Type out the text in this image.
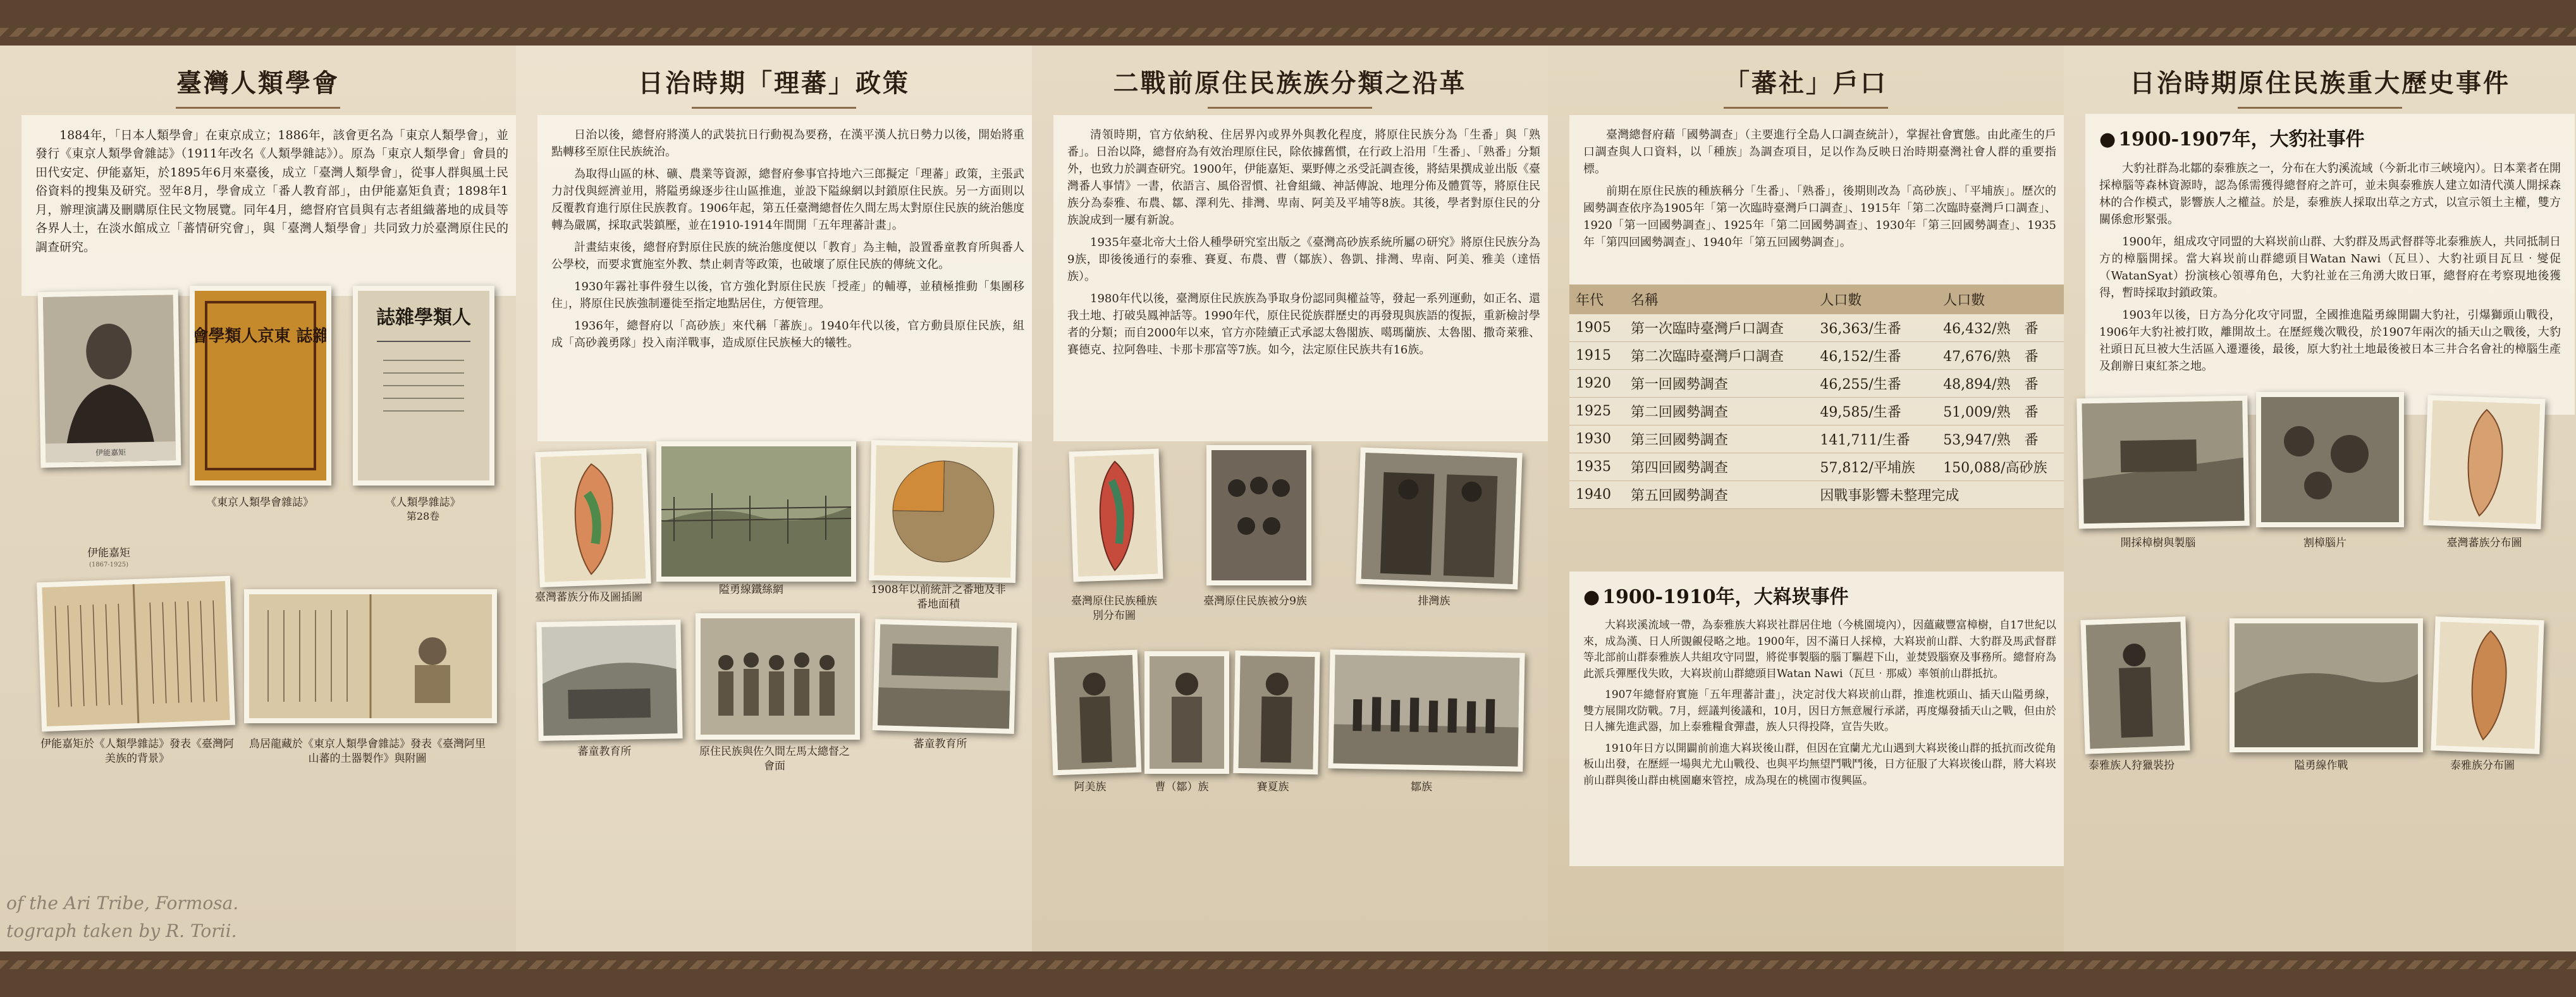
臺灣人類學會

1884年，「日本人類學會」在東京成立；1886年，該會更名為「東京人類學會」，並發行《東京人類學會雜誌》（1911年改名《人類學雜誌》）。原為「東京人類學會」會員的田代安定、伊能嘉矩，於1895年6月來臺後，成立「臺灣人類學會」，從事人群與風土民俗資料的搜集及研究。翌年8月，學會成立「番人教育部」，由伊能嘉矩負責；1898年1月，辦理演講及刪購原住民文物展覽。同年4月，總督府官員與有志者組織蕃地的成員等各界人士，在淡水館成立「蕃情研究會」，與「臺灣人類學會」共同致力於臺灣原住民的調查研究。

伊能嘉矩
會學類人京東 誌雜
誌雜學類人
伊能嘉矩
(1867-1925)
《東京人類學會雜誌》	《人類學雜誌》
第28卷
伊能嘉矩於《人類學雜誌》發表《臺灣阿美族的背景》
鳥居龍藏於《東京人類學會雜誌》發表《臺灣阿里山蕃的土器製作》與附圖
of the Ari Tribe, Formosa.
tograph taken by R. Torii.
日治時期「理蕃」政策

日治以後，總督府將漢人的武裝抗日行動視為要務，在漢平漢人抗日勢力以後，開始將重點轉移至原住民族統治。

為取得山區的林、礦、農業等資源，總督府參事官持地六三郎擬定「理蕃」政策，主張武力討伐與經濟並用，將隘勇線逐步往山區推進，並設下隘線網以封鎖原住民族。另一方面則以反覆教育進行原住民族教育。1906年起，第五任臺灣總督佐久間左馬太對原住民族的統治態度轉為嚴厲，採取武裝鎮壓，並在1910-1914年間開「五年理蕃計畫」。

計畫結束後，總督府對原住民族的統治態度便以「教育」為主軸，設置番童教育所與番人公學校，而要求實施室外教、禁止刺青等政策，也破壞了原住民族的傳統文化。

1930年霧社事件發生以後，官方強化對原住民族「授產」的輔導，並積極推動「集團移住」，將原住民族強制遷徙至指定地點居住，方便管理。

1936年，總督府以「高砂族」來代稱「蕃族」。1940年代以後，官方動員原住民族，組成「高砂義勇隊」投入南洋戰事，造成原住民族極大的犧牲。

臺灣蕃族分佈及圖插圖
隘勇線鐵絲網	1908年以前統計之番地及非番地面積
蕃童教育所	原住民族與佐久間左馬太總督之會面
蕃童教育所
二戰前原住民族族分類之沿革

清領時期，官方依納稅、住居界內或界外與教化程度，將原住民族分為「生番」與「熟番」。日治以降，總督府為有效治理原住民，除依據舊慣，在行政上沿用「生番」、「熟番」分類外，也致力於調查研究。1900年，伊能嘉矩、粟野傳之丞受託調查後，將結果撰成並出版《臺灣番人事情》一書，依語言、風俗習慣、社會組織、神話傳說、地理分佈及體質等，將原住民族分為泰雅、布農、鄒、澤利先、排灣、卑南、阿美及平埔等8族。其後，學者對原住民的分族說成到一屢有新說。

1935年臺北帝大土俗人種學研究室出版之《臺灣高砂族系統所屬の研究》將原住民族分為9族，即後後通行的泰雅、賽夏、布農、曹（鄒族）、魯凱、排灣、卑南、阿美、雅美（達悟族）。

1980年代以後，臺灣原住民族族為爭取身份認同與權益等，發起一系列運動，如正名、還我土地、打破吳鳳神話等。1990年代，原住民從族群歷史的再發現與族語的復振，重新檢討學者的分類；而自2000年以來，官方亦陸續正式承認太魯閣族、噶瑪蘭族、太魯閣、撒奇萊雅、賽德克、拉阿魯哇、卡那卡那富等7族。如今，法定原住民族共有16族。

臺灣原住民族種族別分布圖
臺灣原住民族被分9族	排灣族
阿美族	曹（鄒）族	賽夏族	鄒族
「蕃社」戶口

臺灣總督府藉「國勢調查」（主要進行全島人口調查統計），掌握社會實態。由此產生的戶口調查與人口資料，以「種族」為調查項目，足以作為反映日治時期臺灣社會人群的重要指標。

前期在原住民族的種族稱分「生番」、「熟番」，後期則改為「高砂族」、「平埔族」。歷次的國勢調查依序為1905年「第一次臨時臺灣戶口調查」、1915年「第二次臨時臺灣戶口調查」、1920「第一回國勢調查」、1925年「第二回國勢調查」、1930年「第三回國勢調查」、1935年「第四回國勢調查」、1940年「第五回國勢調查」。

年代	名稱	人口數	人口數
1905	第一次臨時臺灣戶口調查	36,363/生番	46,432/熟　番
1915	第二次臨時臺灣戶口調查	46,152/生番	47,676/熟　番
1920	第一回國勢調查	46,255/生番	48,894/熟　番
1925	第二回國勢調查	49,585/生番	51,009/熟　番
1930	第三回國勢調查	141,711/生番	53,947/熟　番
1935	第四回國勢調查	57,812/平埔族	150,088/高砂族
1940	第五回國勢調查	因戰事影響未整理完成	
● 1900-1910年，大嵙崁事件

大嵙崁溪流域一帶，為泰雅族大嵙崁社群居住地（今桃園境內），因蘊藏豐富樟樹，自17世紀以來，成為漢、日人所覬覦侵略之地。1900年，因不滿日人採樟，大嵙崁前山群、大豹群及馬武督群等北部前山群泰雅族人共組攻守同盟，將從事製腦的腦丁驅趕下山，並焚毀腦寮及事務所。總督府為此派兵彈壓伐失敗，大嵙崁前山群總頭目Watan Nawi（瓦旦‧那威）率領前山群抵抗。

1907年總督府實施「五年理蕃計畫」，決定討伐大嵙崁前山群，推進枕頭山、插天山隘勇線，雙方展開攻防戰。7月，經議判後議和，10月，因日方無意履行承諾，再度爆發插天山之戰，但由於日人擁先進武器，加上泰雅糧食彈盡，族人只得投降，宣告失敗。

1910年日方以開闢前前進大嵙崁後山群，但因在宜蘭尤尤山遇到大嵙崁後山群的抵抗而改從角板山出發，在歷經一場與尤尤山戰役、也與平均無望鬥戰鬥後，日方征服了大嵙崁後山群，將大嵙崁前山群與後山群由桃園廳來管控，成為現在的桃園市復興區。

日治時期原住民族重大歷史事件
● 1900-1907年，大豹社事件

大豹社群為北鄒的泰雅族之一，分布在大豹溪流域（今新北市三峽境內）。日本業者在開採樟腦等森林資源時，認為係需獲得總督府之許可，並未與泰雅族人建立如清代漢人開採森林的合作模式，影響族人之權益。於是，泰雅族人採取出草之方式，以宣示領土主權，雙方關係愈形緊張。

1900年，組成攻守同盟的大嵙崁前山群、大豹群及馬武督群等北泰雅族人，共同抵制日方的樟腦開採。當大嵙崁前山群總頭目Watan Nawi（瓦旦）、大豹社頭目瓦旦‧燮促（WatanSyat）扮演核心領導角色，大豹社並在三角湧大敗日軍，總督府在考察現地後獲得，暫時採取封鎖政策。

1903年以後，日方為分化攻守同盟，全國推進隘勇線開闢大豹社，引爆獅頭山戰役，1906年大豹社被打敗，離開故土。在歷經幾次戰役，於1907年兩次的插天山之戰後，大豹社頭日瓦旦被大生活區入遷遷後，最後，原大豹社土地最後被日本三井合名會社的樟腦生產及創辦日東紅茶之地。

開採樟樹與製腦	割樟腦片	臺灣蕃族分布圖
泰雅族人狩獵裝扮	隘勇線作戰	泰雅族分布圖
